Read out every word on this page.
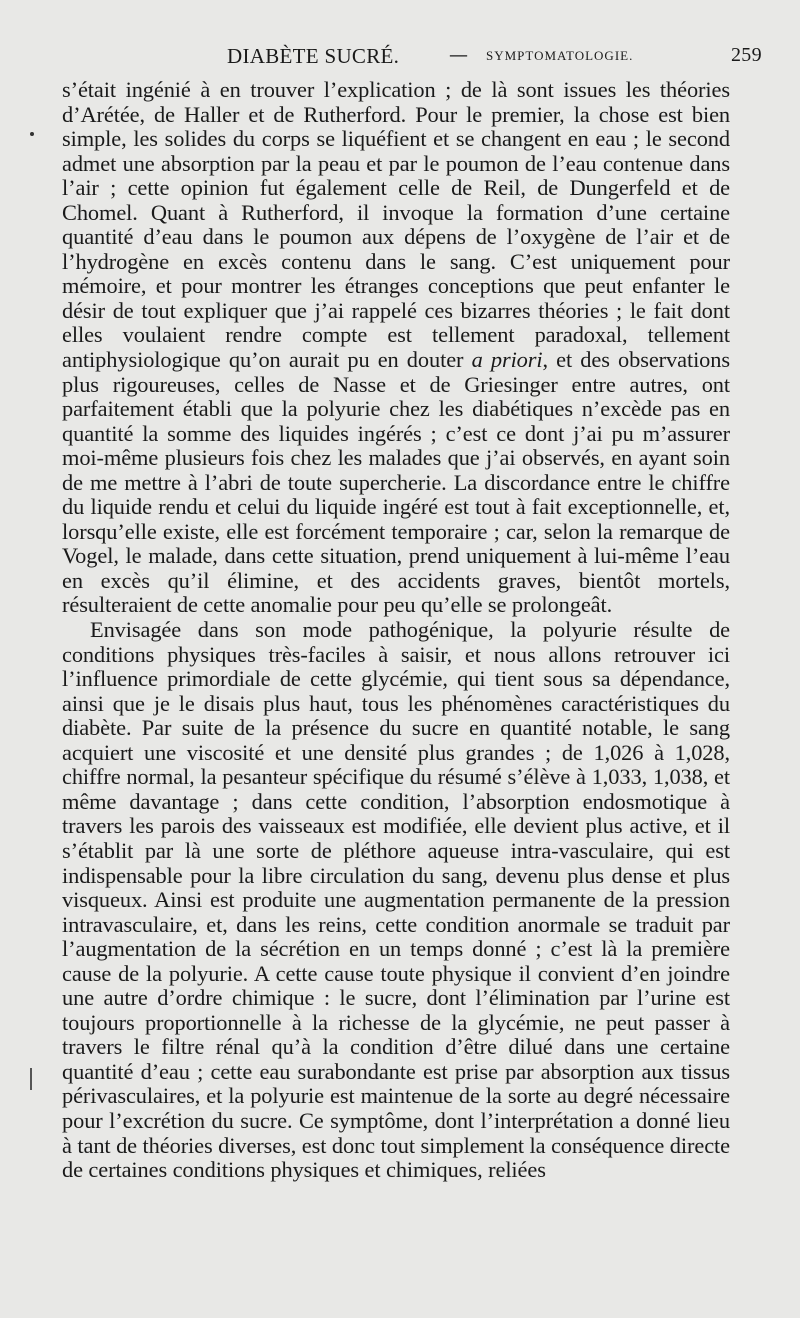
DIABÈTE SUCRÉ.	— SYMPTOMATOLOGIE.	259

s’était ingénié à en trouver l’explication ; de là sont issues les théories d’Arétée, de Haller et de Rutherford. Pour le premier, la chose est bien simple, les solides du corps se liquéfient et se changent en eau ; le second admet une absorption par la peau et par le poumon de l’eau contenue dans l’air ; cette opinion fut également celle de Reil, de Dungerfeld et de Chomel. Quant à Rutherford, il invoque la formation d’une certaine quantité d’eau dans le poumon aux dépens de l’oxygène de l’air et de l’hydrogène en excès contenu dans le sang. C’est uniquement pour mémoire, et pour montrer les étranges conceptions que peut enfanter le désir de tout expliquer que j’ai rappelé ces bizarres théories ; le fait dont elles voulaient rendre compte est tellement paradoxal, tellement antiphysiologique qu’on aurait pu en douter a priori, et des observations plus rigoureuses, celles de Nasse et de Griesinger entre autres, ont parfaitement établi que la polyurie chez les diabétiques n’excède pas en quantité la somme des liquides ingérés ; c’est ce dont j’ai pu m’assurer moi-même plusieurs fois chez les malades que j’ai observés, en ayant soin de me mettre à l’abri de toute supercherie. La discordance entre le chiffre du liquide rendu et celui du liquide ingéré est tout à fait exceptionnelle, et, lorsqu’elle existe, elle est forcément temporaire ; car, selon la remarque de Vogel, le malade, dans cette situation, prend uniquement à lui-même l’eau en excès qu’il élimine, et des accidents graves, bientôt mortels, résulteraient de cette anomalie pour peu qu’elle se prolongeât.

Envisagée dans son mode pathogénique, la polyurie résulte de conditions physiques très-faciles à saisir, et nous allons retrouver ici l’influence primordiale de cette glycémie, qui tient sous sa dépendance, ainsi que je le disais plus haut, tous les phénomènes caractéristiques du diabète. Par suite de la présence du sucre en quantité notable, le sang acquiert une viscosité et une densité plus grandes ; de 1,026 à 1,028, chiffre normal, la pesanteur spécifique du résumé s’élève à 1,033, 1,038, et même davantage ; dans cette condition, l’absorption endosmotique à travers les parois des vaisseaux est modifiée, elle devient plus active, et il s’établit par là une sorte de pléthore aqueuse intra-vasculaire, qui est indispensable pour la libre circulation du sang, devenu plus dense et plus visqueux. Ainsi est produite une augmentation permanente de la pression intravasculaire, et, dans les reins, cette condition anormale se traduit par l’augmentation de la sécrétion en un temps donné ; c’est là la première cause de la polyurie. A cette cause toute physique il convient d’en joindre une autre d’ordre chimique : le sucre, dont l’élimination par l’urine est toujours proportionnelle à la richesse de la glycémie, ne peut passer à travers le filtre rénal qu’à la condition d’être dilué dans une certaine quantité d’eau ; cette eau surabondante est prise par absorption aux tissus périvasculaires, et la polyurie est maintenue de la sorte au degré nécessaire pour l’excrétion du sucre. Ce symptôme, dont l’interprétation a donné lieu à tant de théories diverses, est donc tout simplement la conséquence directe de certaines conditions physiques et chimiques, reliées
